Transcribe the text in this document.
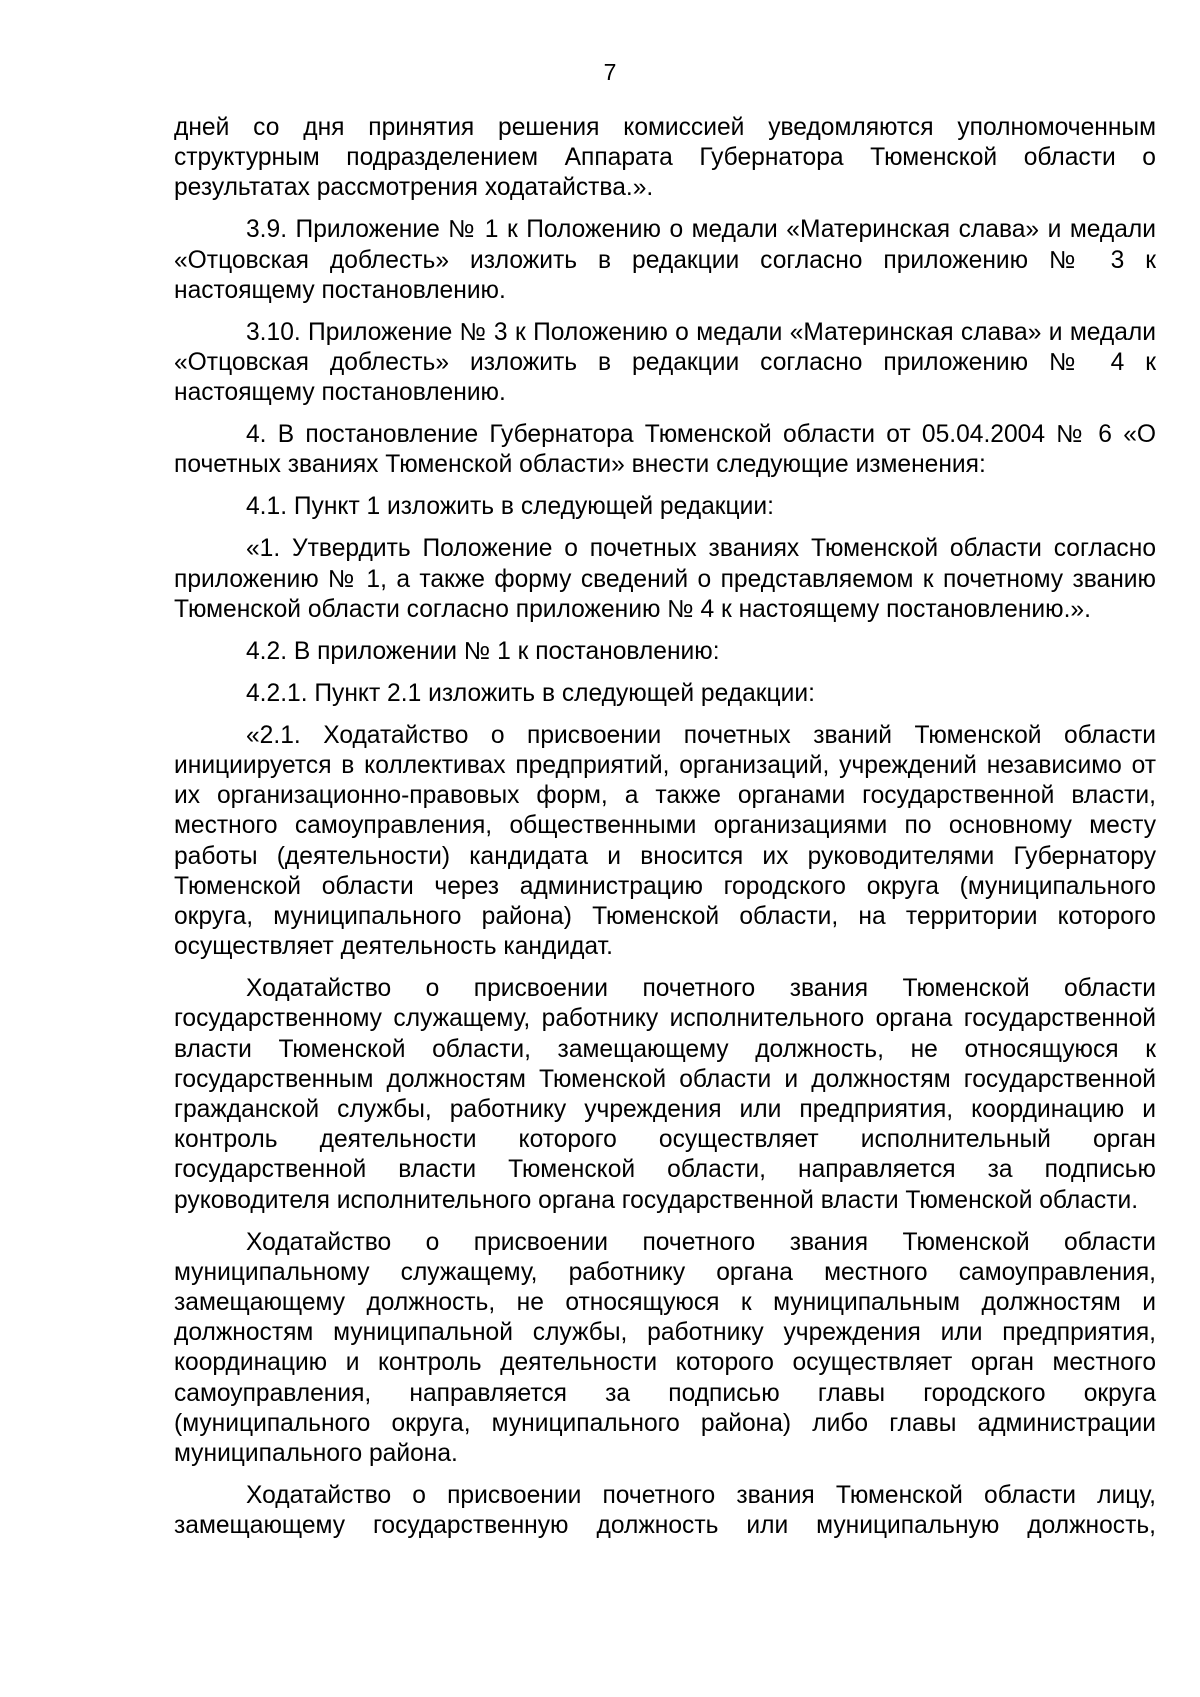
7

дней со дня принятия решения комиссией уведомляются уполномоченным структурным подразделением Аппарата Губернатора Тюменской области о результатах рассмотрения ходатайства.».

3.9. Приложение № 1 к Положению о медали «Материнская слава» и медали «Отцовская доблесть» изложить в редакции согласно приложению № 3 к настоящему постановлению.

3.10. Приложение № 3 к Положению о медали «Материнская слава» и медали «Отцовская доблесть» изложить в редакции согласно приложению № 4 к настоящему постановлению.

4. В постановление Губернатора Тюменской области от 05.04.2004 № 6 «О почетных званиях Тюменской области» внести следующие изменения:

4.1. Пункт 1 изложить в следующей редакции:

«1. Утвердить Положение о почетных званиях Тюменской области согласно приложению № 1, а также форму сведений о представляемом к почетному званию Тюменской области согласно приложению № 4 к настоящему постановлению.».

4.2. В приложении № 1 к постановлению:

4.2.1. Пункт 2.1 изложить в следующей редакции:

«2.1. Ходатайство о присвоении почетных званий Тюменской области инициируется в коллективах предприятий, организаций, учреждений независимо от их организационно-правовых форм, а также органами государственной власти, местного самоуправления, общественными организациями по основному месту работы (деятельности) кандидата и вносится их руководителями Губернатору Тюменской области через администрацию городского округа (муниципального округа, муниципального района) Тюменской области, на территории которого осуществляет деятельность кандидат.

Ходатайство о присвоении почетного звания Тюменской области государственному служащему, работнику исполнительного органа государственной власти Тюменской области, замещающему должность, не относящуюся к государственным должностям Тюменской области и должностям государственной гражданской службы, работнику учреждения или предприятия, координацию и контроль деятельности которого осуществляет исполнительный орган государственной власти Тюменской области, направляется за подписью руководителя исполнительного органа государственной власти Тюменской области.

Ходатайство о присвоении почетного звания Тюменской области муниципальному служащему, работнику органа местного самоуправления, замещающему должность, не относящуюся к муниципальным должностям и должностям муниципальной службы, работнику учреждения или предприятия, координацию и контроль деятельности которого осуществляет орган местного самоуправления, направляется за подписью главы городского округа (муниципального округа, муниципального района) либо главы администрации муниципального района.

Ходатайство о присвоении почетного звания Тюменской области лицу, замещающему государственную должность или муниципальную должность,
